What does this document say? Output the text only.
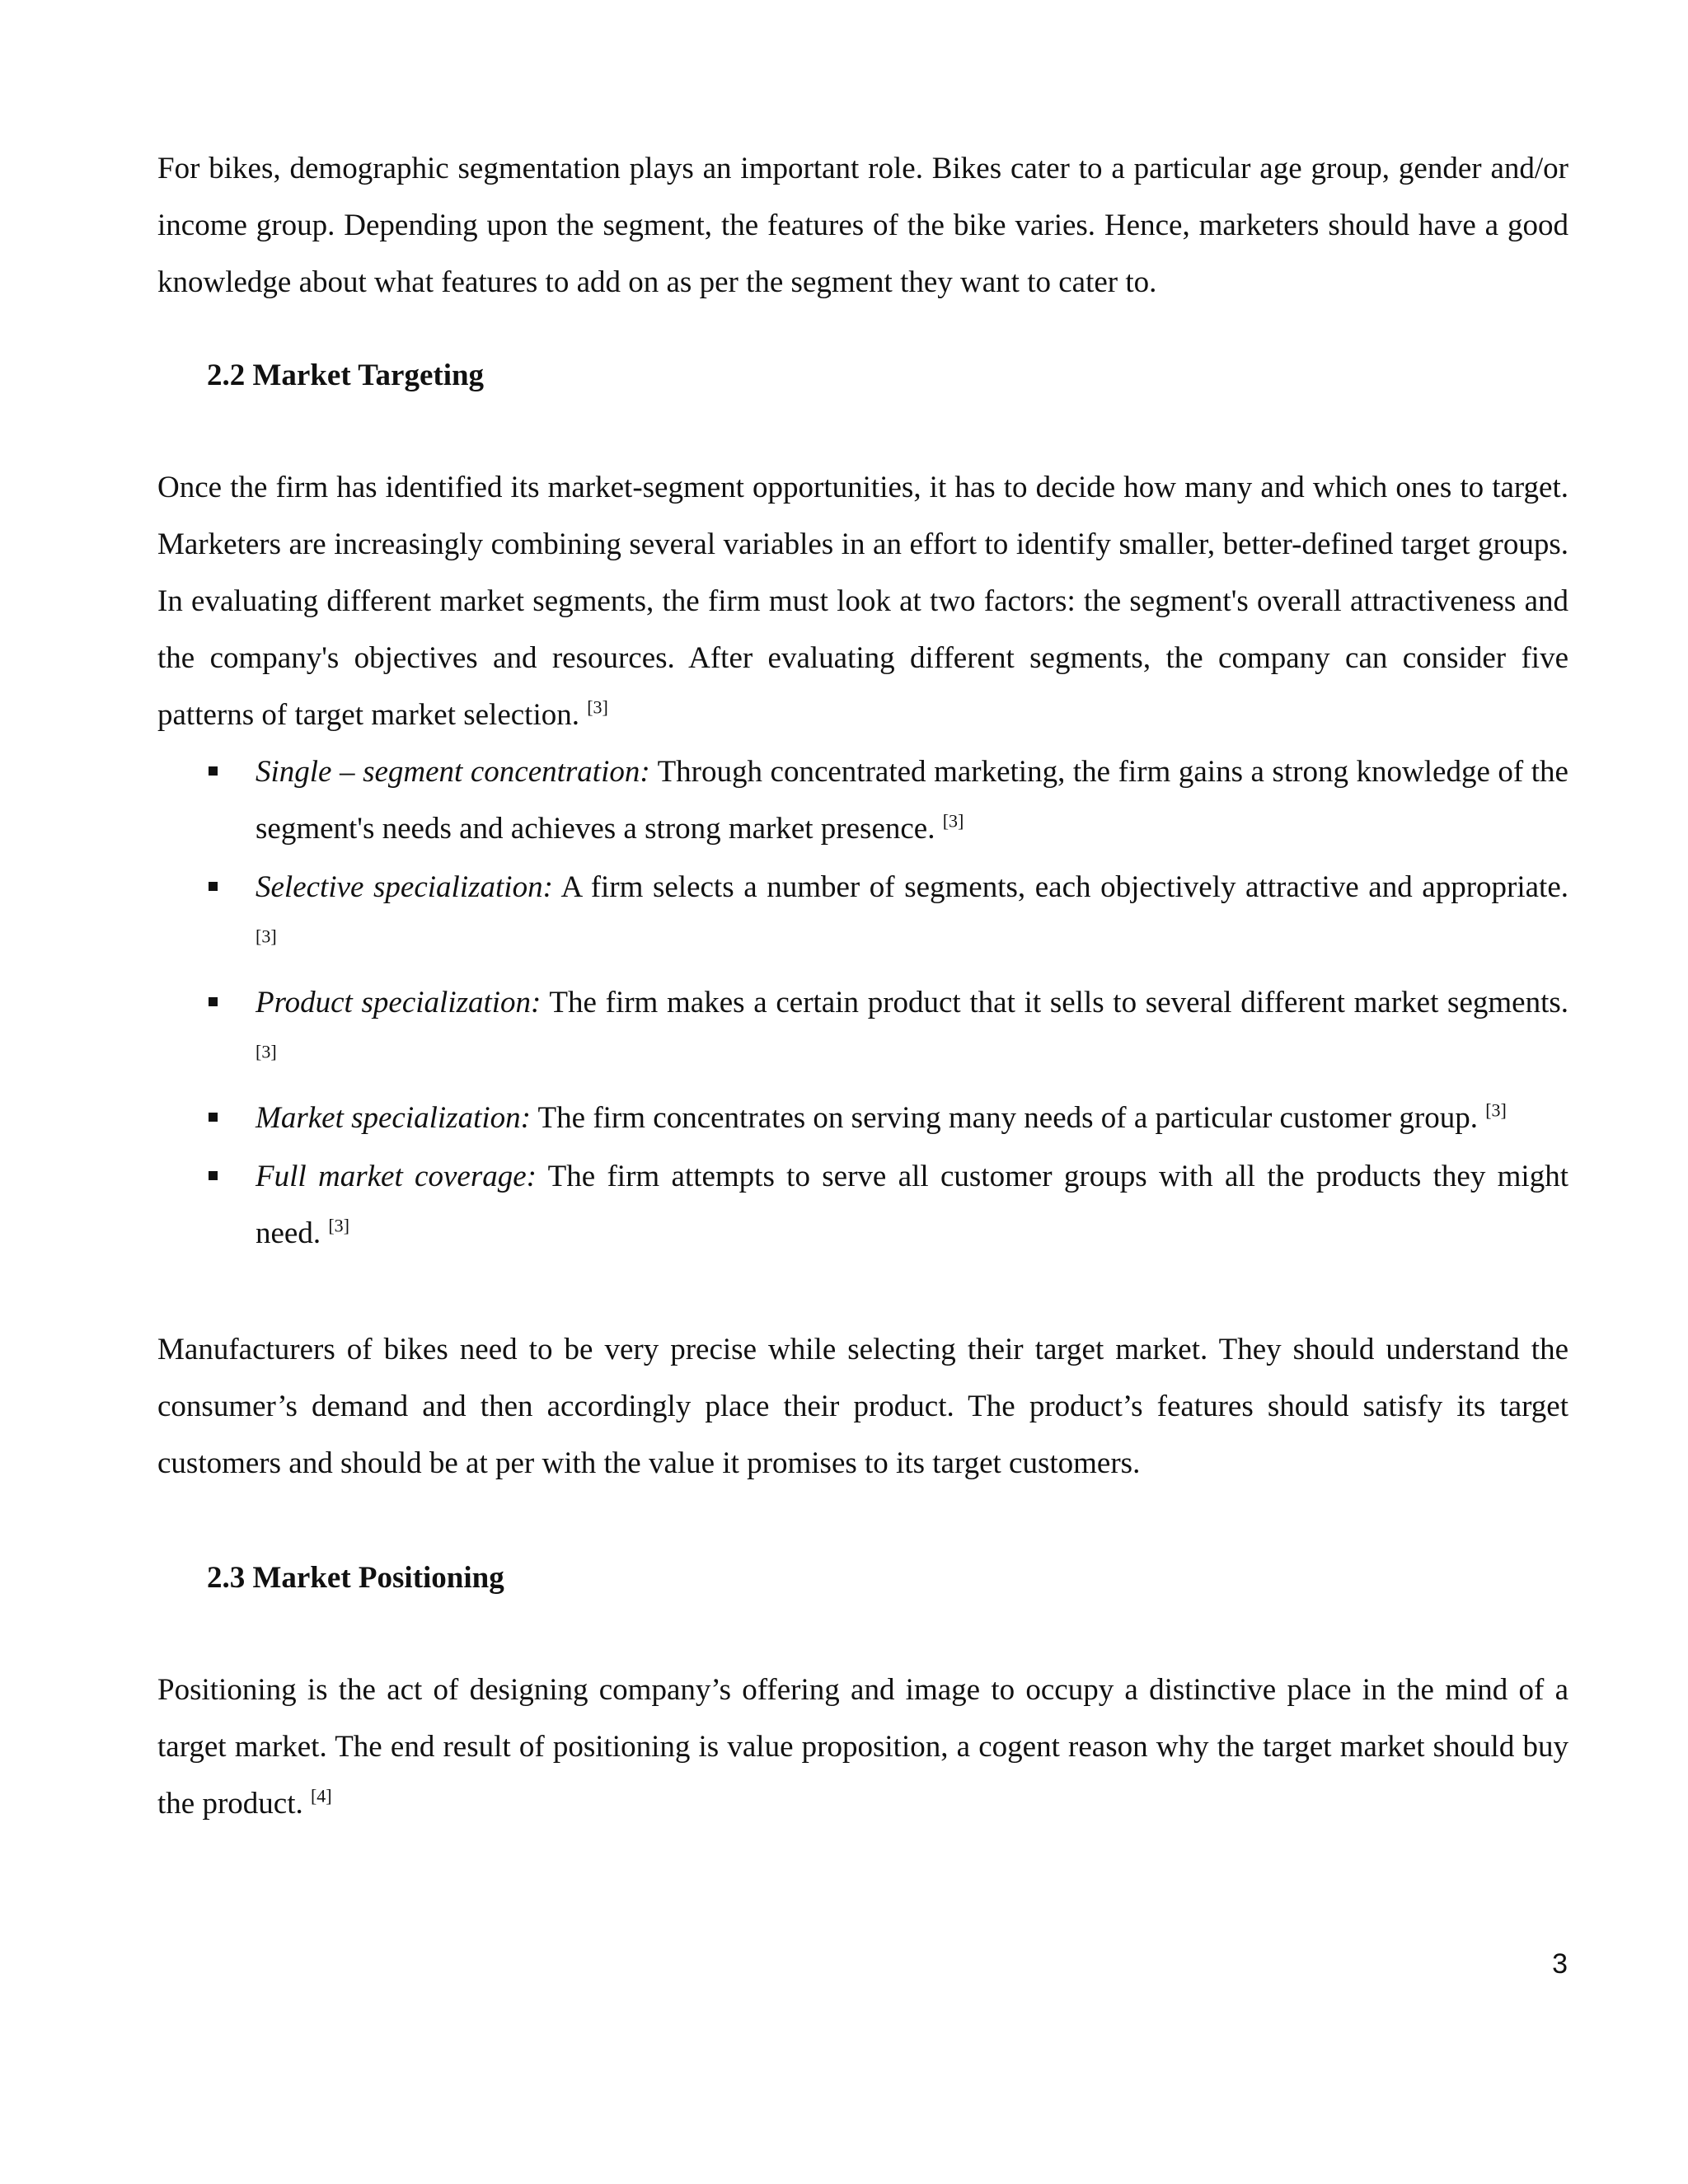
For bikes, demographic segmentation plays an important role. Bikes cater to a particular age group, gender and/or income group. Depending upon the segment, the features of the bike varies. Hence, marketers should have a good knowledge about what features to add on as per the segment they want to cater to.

2.2 Market Targeting

Once the firm has identified its market-segment opportunities, it has to decide how many and which ones to target. Marketers are increasingly combining several variables in an effort to identify smaller, better-defined target groups. In evaluating different market segments, the firm must look at two factors: the segment's overall attractiveness and the company's objectives and resources. After evaluating different segments, the company can consider five patterns of target market selection. [3]

Single – segment concentration: Through concentrated marketing, the firm gains a strong knowledge of the segment's needs and achieves a strong market presence. [3]
Selective specialization: A firm selects a number of segments, each objectively attractive and appropriate. [3]
Product specialization: The firm makes a certain product that it sells to several different market segments. [3]
Market specialization: The firm concentrates on serving many needs of a particular customer group. [3]
Full market coverage: The firm attempts to serve all customer groups with all the products they might need. [3]

Manufacturers of bikes need to be very precise while selecting their target market. They should understand the consumer’s demand and then accordingly place their product. The product’s features should satisfy its target customers and should be at per with the value it promises to its target customers.

2.3 Market Positioning

Positioning is the act of designing company’s offering and image to occupy a distinctive place in the mind of a target market. The end result of positioning is value proposition, a cogent reason why the target market should buy the product. [4]

3
